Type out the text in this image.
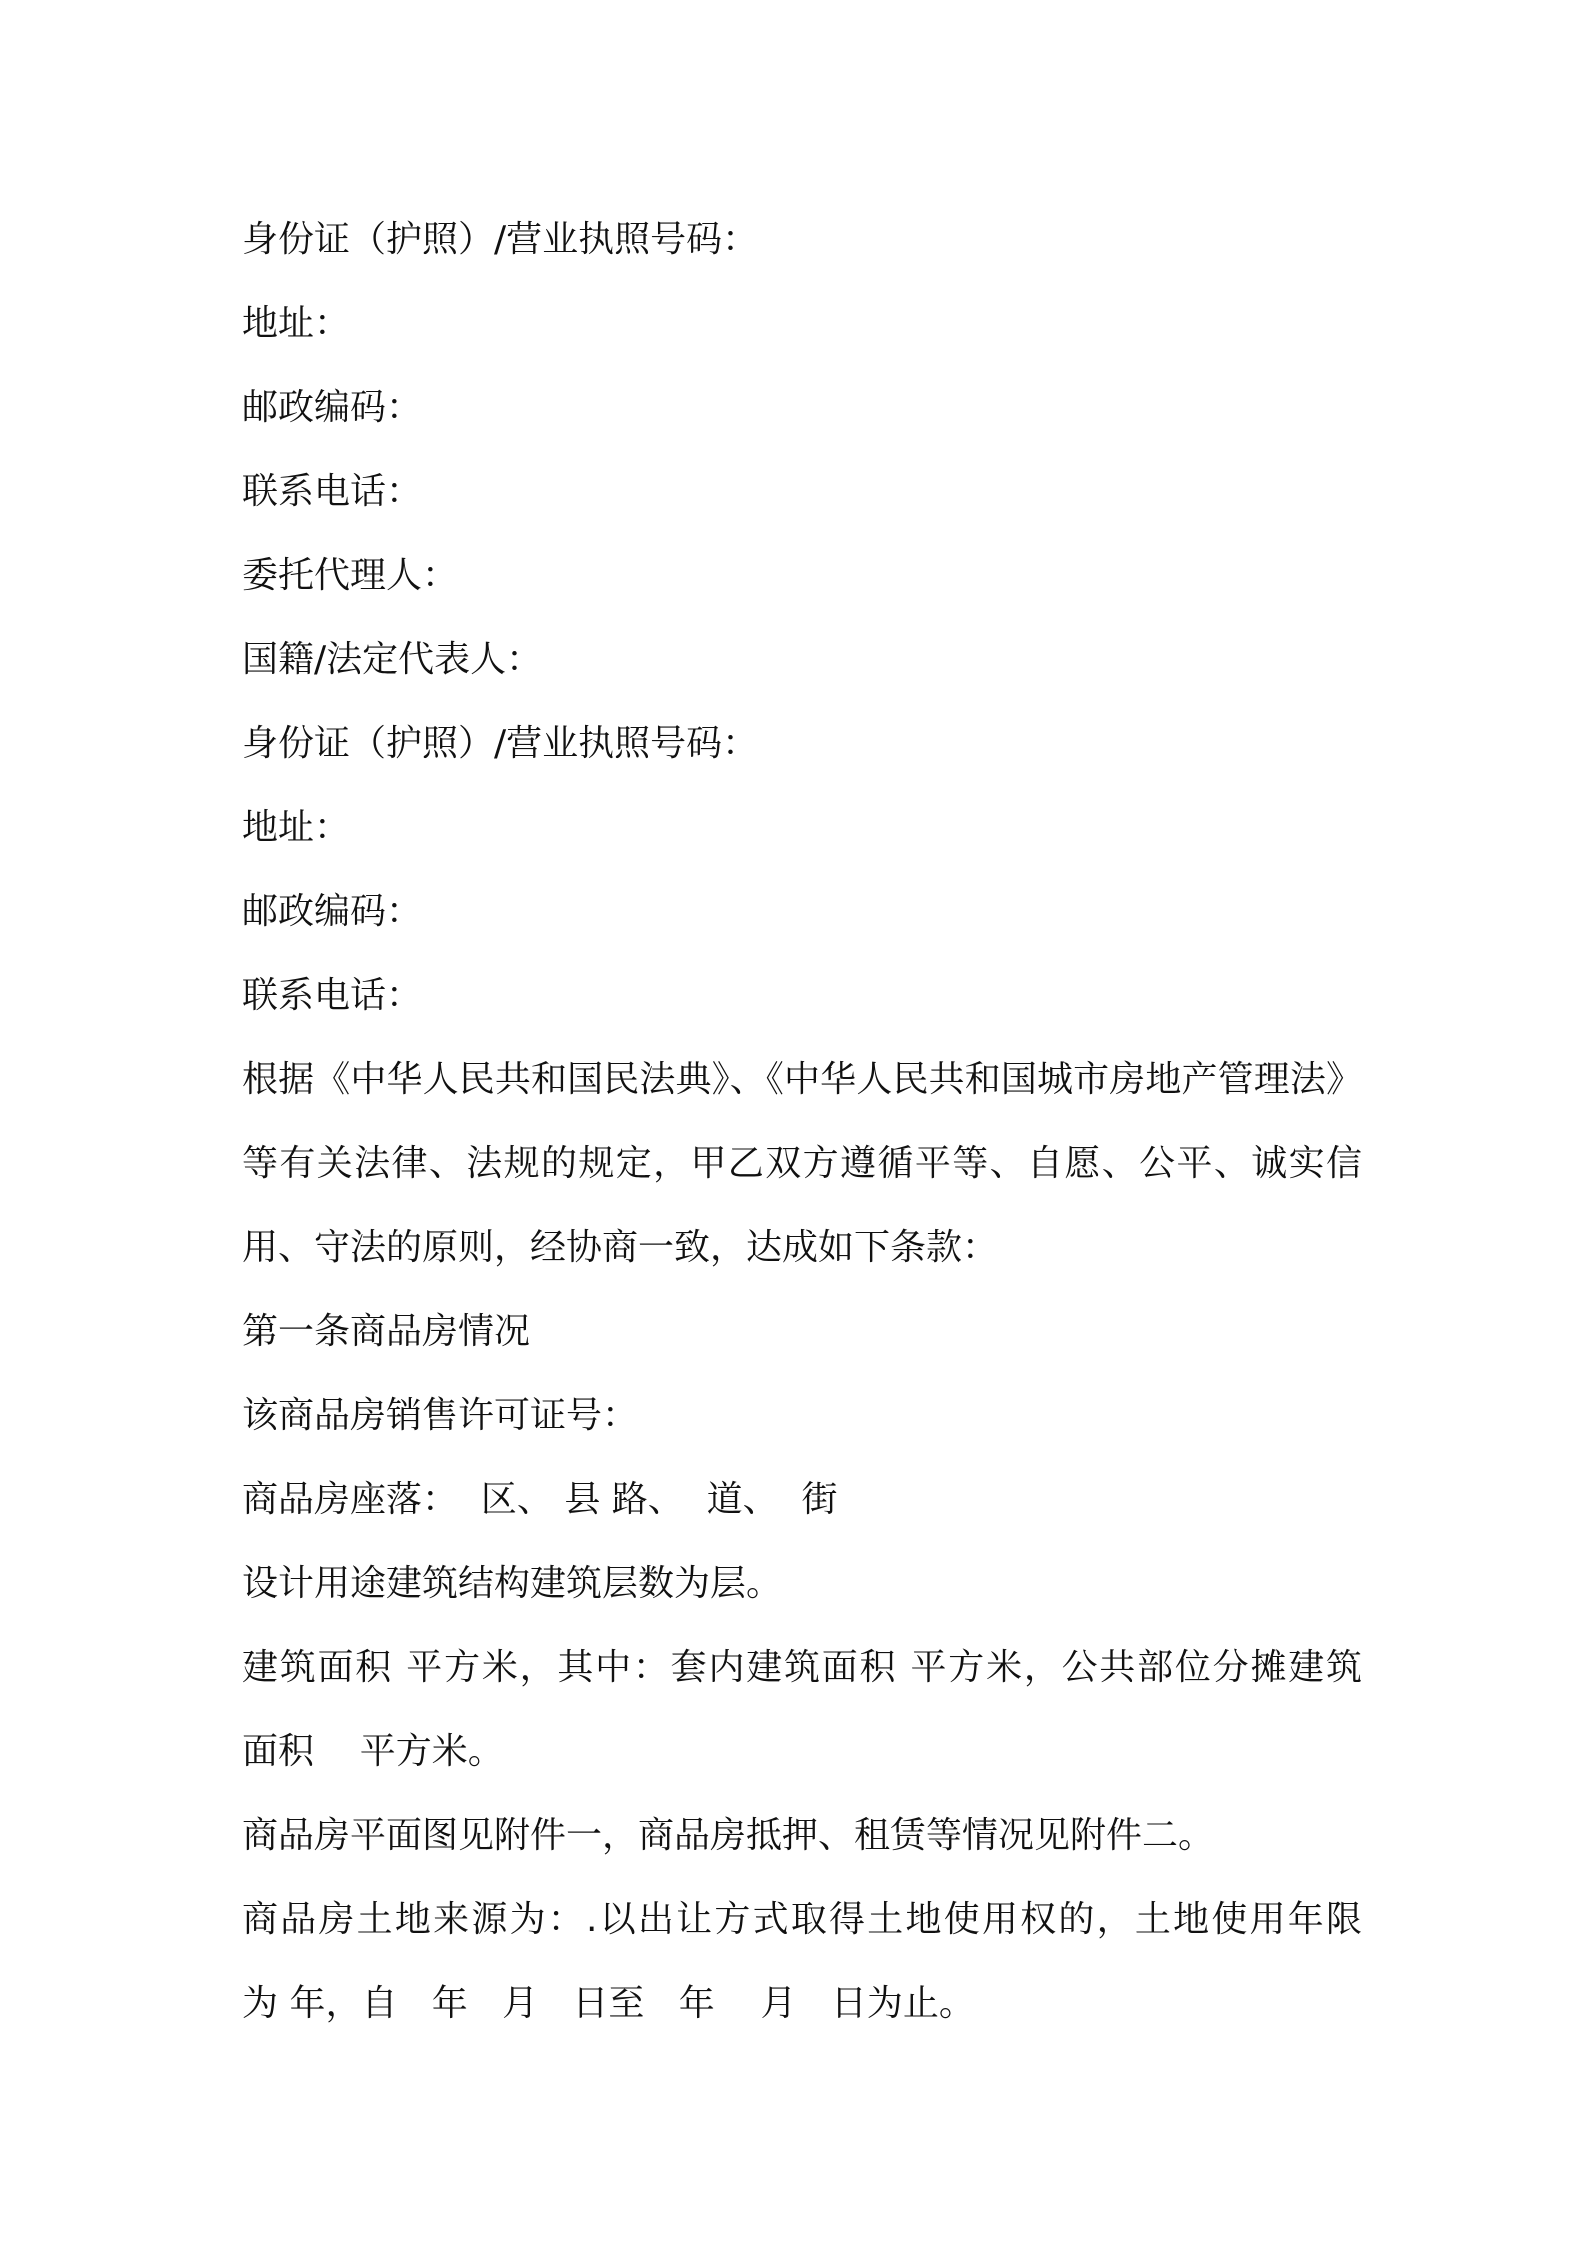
身份证（护照）/营业执照号码：
地址：
邮政编码：
联系电话：
委托代理人：
国籍/法定代表人：
身份证（护照）/营业执照号码：
地址：
邮政编码：
联系电话：
根据《中华人民共和国民法典》、《中华人民共和国城市房地产管理法》
等有关法律、法规的规定，甲乙双方遵循平等、自愿、公平、诚实信
用、守法的原则，经协商一致，达成如下条款：
第一条商品房情况
该商品房销售许可证号：
商品房座落：  区、 县 路、  道、  街
设计用途建筑结构建筑层数为层。
建筑面积 平方米，其中：套内建筑面积 平方米，公共部位分摊建筑
面积    平方米。
商品房平面图见附件一，商品房抵押、租赁等情况见附件二。
商品房土地来源为：.以出让方式取得土地使用权的，土地使用年限
为 年，自   年   月   日至   年    月   日为止。
